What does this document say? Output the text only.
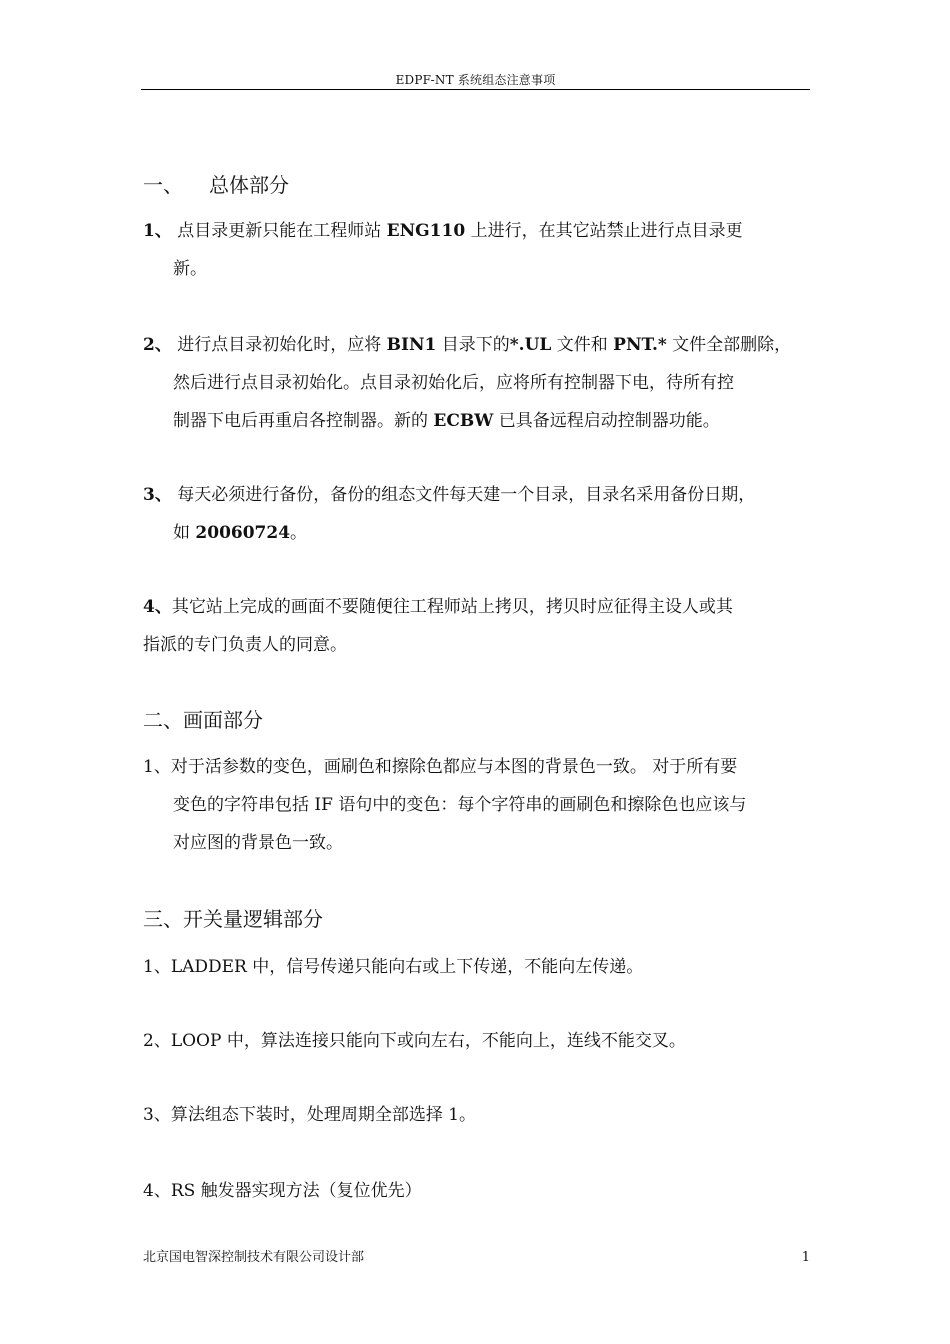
EDPF-NT 系统组态注意事项
一、 总体部分
1、 点目录更新只能在工程师站 ENG110 上进行，在其它站禁止进行点目录更
新。
2、 进行点目录初始化时，应将 BIN1 目录下的*.UL 文件和 PNT.* 文件全部删除，
然后进行点目录初始化。点目录初始化后，应将所有控制器下电，待所有控
制器下电后再重启各控制器。新的 ECBW 已具备远程启动控制器功能。
3、 每天必须进行备份，备份的组态文件每天建一个目录，目录名采用备份日期，
如 20060724。
4、其它站上完成的画面不要随便往工程师站上拷贝，拷贝时应征得主设人或其
指派的专门负责人的同意。
二、画面部分
1、对于活参数的变色，画刷色和擦除色都应与本图的背景色一致。 对于所有要
变色的字符串包括 IF 语句中的变色：每个字符串的画刷色和擦除色也应该与
对应图的背景色一致。
三、开关量逻辑部分
1、LADDER 中，信号传递只能向右或上下传递，不能向左传递。
2、LOOP 中，算法连接只能向下或向左右，不能向上，连线不能交叉。
3、算法组态下装时，处理周期全部选择 1。
4、RS 触发器实现方法（复位优先）
北京国电智深控制技术有限公司设计部	1
